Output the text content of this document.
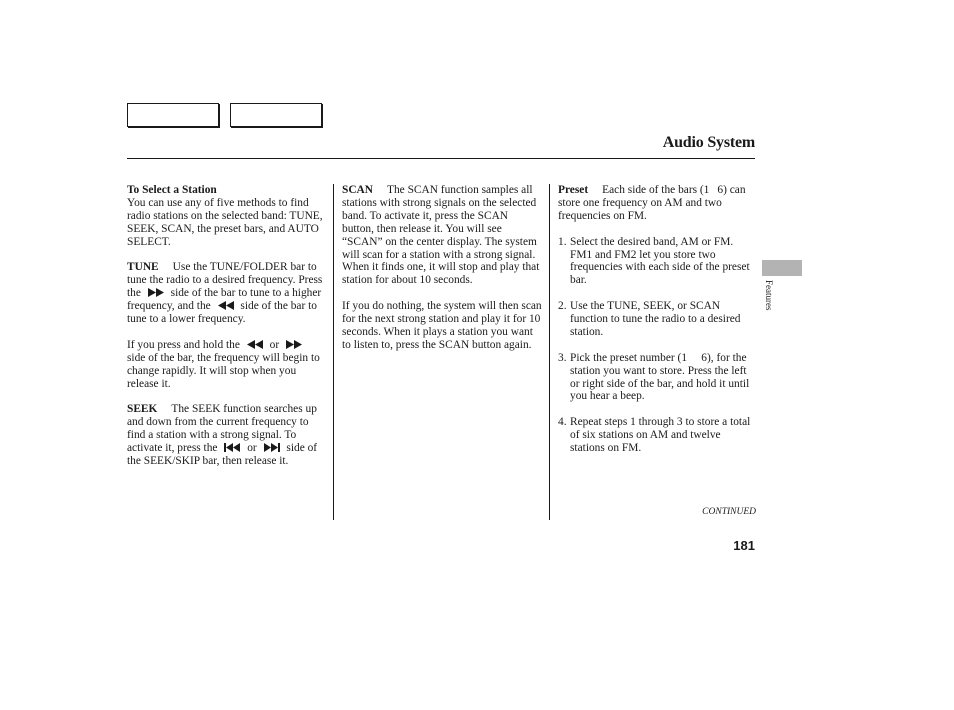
Audio System
To Select a Station

You can use any of five methods to find radio stations on the selected band: TUNE, SEEK, SCAN, the preset bars, and AUTO SELECT.

TUNE Use the TUNE/FOLDER bar to tune the radio to a desired frequency. Press the	side of the bar to tune to a higher frequency, and the	side of the bar to tune to a lower frequency.

If you press and hold the	or
side of the bar, the frequency will begin to change rapidly. It will stop when you release it.

SEEK The SEEK function searches up and down from the current frequency to find a station with a strong signal. To activate it, press the	or	side of the SEEK/SKIP bar, then release it.

SCAN The SCAN function samples all stations with strong signals on the selected band. To activate it, press the SCAN button, then release it. You will see “SCAN” on the center display. The system will scan for a station with a strong signal. When it finds one, it will stop and play that station for about 10 seconds.

If you do nothing, the system will then scan for the next strong station and play it for 10 seconds. When it plays a station you want to listen to, press the SCAN button again.

Preset Each side of the bars (1 6) can store one frequency on AM and two frequencies on FM.

1. Select the desired band, AM or FM. FM1 and FM2 let you store two frequencies with each side of the preset bar.
2. Use the TUNE, SEEK, or SCAN function to tune the radio to a desired station.
3. Pick the preset number (1  6), for the station you want to store. Press the left or right side of the bar, and hold it until you hear a beep.
4. Repeat steps 1 through 3 to store a total of six stations on AM and twelve stations on FM.
Features
CONTINUED
181
